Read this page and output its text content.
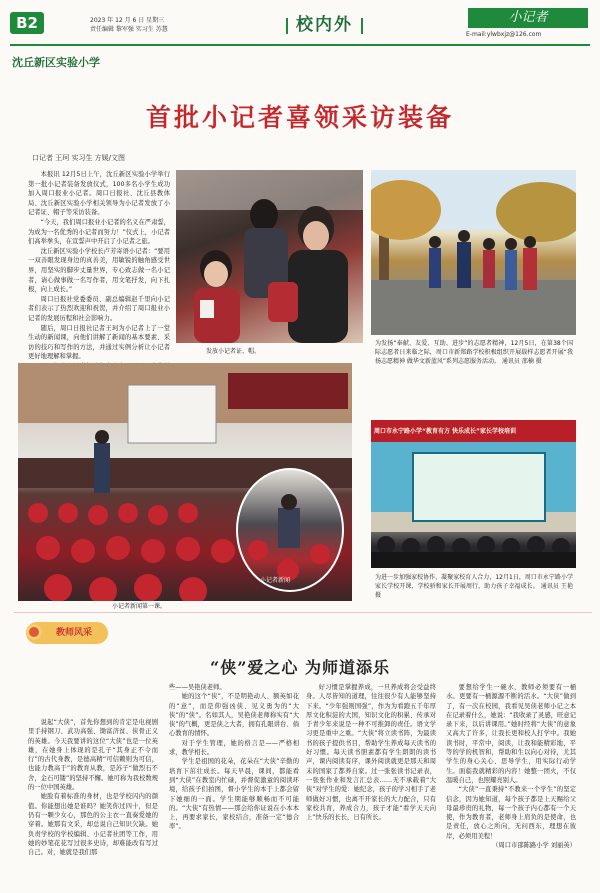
B2	2023 年 12 月 6 日 星期三
责任编辑 黎军强 实习生 苏慧	校内外	小记者
E-mail:ylwbxjz@126.com
沈丘新区实验小学
首批小记者喜领采访装备
口记者 王珂 实习生 方媛/文图

本报讯 12月5日上午，沈丘新区实验小学举行第一批小记者装备发放仪式，100多名小学生成功加入周口报业小记者。周口日报社、沈丘县教体局、沈丘新区实验小学相关领导为小记者发放了小记者证、帽子等采访装备。

“今天，我们周口报业小记者的名义在严肃誓，为成为一名优秀的小记者而努力！”仪式上，小记者们高举拳头，在宣誓声中开启了小记者之旅。

沈丘新区实验小学校长卢芳寄语小记者：“要用一双善眼发现身边的真善美，用敏锐的触角感受世界，用坚实的脚步丈量世界，专心致志做一名小记者，请心做事做一名写作者，用文笔抒发，向下扎根，向上成长。”

周口日报社党委委员、副总编辑赵千里向小记者们表示了热烈欢迎和祝贺，并介绍了周口报业小记者的发展历程和社会影响力。

随后，周口日报社记者王珂为小记者上了一堂生动的新闻课，向他们讲解了新闻的基本要素、采访的技巧和写作的方法，并通过实例分析让小记者更好地理解和掌握。

发放小记者证、帽。
为发扬“奉献、友爱、互助、进步”的志愿者精神，12月5日，在第38个国际志愿者日来临之际，周口市新郑路学校积极组织开展载样志愿者开展“我扬志愿精神 做华文新蓝风”系列志愿服务活动。 通讯员 邵楠 摄
小记者新闻
小记者新闻第一课。
周口市永宁路小学“教育有方 快乐成长”家长学校培训
为进一步加强家校协作，凝聚家校育人合力，12月1日，周口市永宁路小学家长学校开课，学校骄和家长开展周行，助力孩子幸福成长。 通讯员 王艳 摄
教师风采
“侠”爱之心 为师道添乐

说起“大侠”，首先你想到的肯定是电视剧里手持钢刀、武功高强、锄富济贫、侠骨正义的英雄。今天我要讲的这位“大侠”也是一位英雄，在她身上体现的是孔子“其身正不令而行”的古代身教，是德高精“可信赖则为可信，也能力教高于”的教育从教，是苏子“做烈石不舍，金石可镂”的坚持不懈。她可称为我校数规的一位中国英雄。

她脸有着标准的身材，也是学校闪内的颜值。你能想出她是谁吗？她笑你过四十，但是仍有一颗少女心，那色的公主衣一直奏爱她的穿着。她那有文采，却总说自己知识欠缺。她负责学校的学校编辑、小记者社团等工作，用她的妙笔花花写过很多史诗，却难能改有写过自己。对，她就是我们那

些——吴艳侠老师。

她的这个“侠”，不是明艳动人、额英如花的“意”，而是仰强凶侠、见义勇为的“大侠”的“侠”。名如其人，吴艳侠老师称实有“大侠”的气概，更是侠之大者，拥有孔眼讲台、倘心教育的情怀。

对于学生管理，她的格言是——严格相求，教学相长。

学生是祖国的花朵，花朵在“大侠”辛勤的培育下茁壮成长。每天早晨，课间，都能看到“大侠”在教室内忙碌，并督促激童的阅读环境，给孩子们拍图，督小学生的本于上都会留下她细的一面。学生期能够顺畅而不可能的。“大侠”有热情——那会给你证说在小本本上，再要求家长，家校结合，准备一定“德合率”。

好习惯是掌握养成，一旦养成将会受益终身。人尽皆知的道理，往往很少有人能够坚持下来。“少年强则国强”，作为为看跑五千年厚厚文化积淀的大国，知识文化的积累、传承对于青少年来说是一种不可推卸的责任。语文学习更是重中之重。“大侠”将立读书阵，为最读书的孩子提供书目，帮助学生养成每天读书的好习惯。每天读书胆素都有学生朗朗的读书声，课内阅读有序，课外阅读就更是那天和周末的国家了都养自家。过一张张读书记录表，一张张作业和发言汇总表……无不承载着“大侠”对学生的爱：她纪念，孩子的学习相手了老师做好习惯，也离不开家长的大力配合，只有家校共育，养成合力，孩子才能“看学天天向上”快乐的长长，日有所长。

要想给学生一碗水，教师必须要有一桶水。更要有一桶源源不断的活水。“大侠”做到了，有一次在校园，我看见吴侠老师小记之本在记录着什么，她说：“我收录了灵感，旺意记录下来，以后讲课用。”她时经将“大侠”的意象又高大了许多，让我长更和校人打学中。我她读书时，平常中，阅读，让我和能精彩地，平等的学的机智和，帮助和生以向心对待，尤其学生的身心关心、思导学生，用实际行动学生。面临我就精彩的内容！她整一团火，不仅温暖自己，也照耀亮别人。

“大侠”一直秉持“不教来一个学生”的坚定信念，因为她知道，每个孩子都是上天赐给父母最珍贵的礼物，每一个孩子内心都有一个天使，作为教育者，老师身上肩负的是使命，也是责任，放心之所向，无问西东，理想在彼岸，必须用美程！

（周口市邵陈路小学 刘丽英）
